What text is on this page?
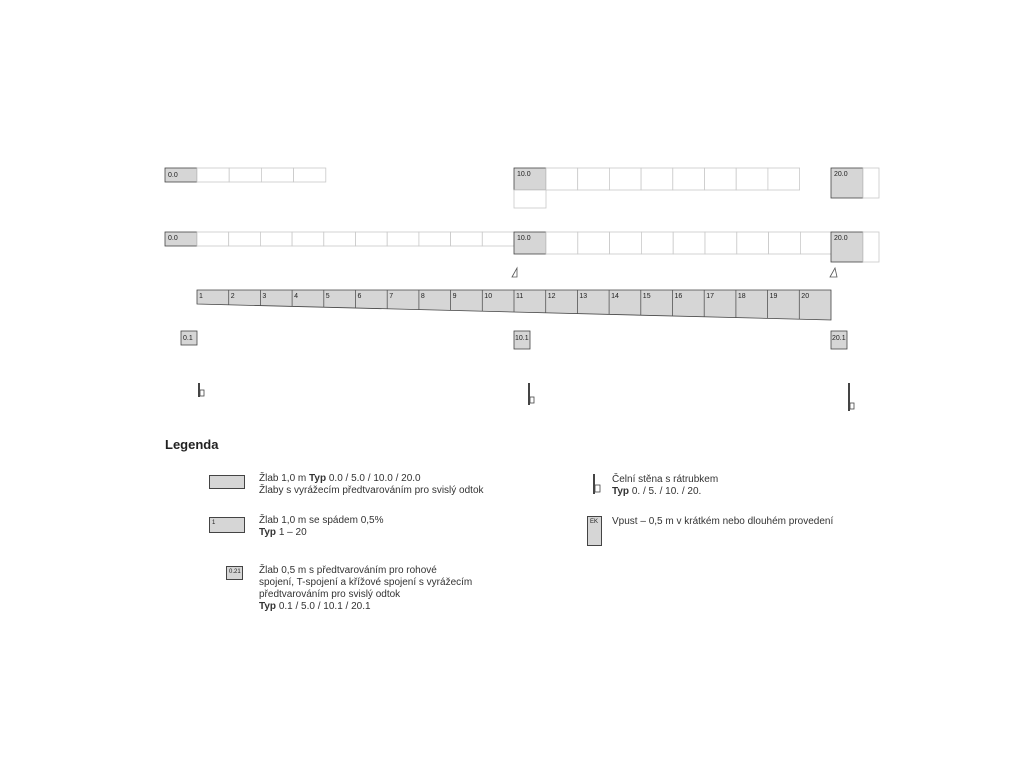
0.0	10.0	20.0
0.0	10.0	20.0
1	2	3	4	5	6	7	8	9	10	11	12	13	14	15	16	17	18	19	20
0.1	10.1	20.1
Legenda
Žlab 1,0 m Typ 0.0 / 5.0 / 10.0 / 20.0
Žlaby s vyrážecím předtvarováním pro svislý odtok
1	Žlab 1,0 m se spádem 0,5%
Typ 1 – 20
0.21 Žlab 0,5 m s předtvarováním pro rohové
spojení, T-spojení a křížové spojení s vyrážecím
předtvarováním pro svislý odtok
Typ 0.1 / 5.0 / 10.1 / 20.1
Čelní stěna s rátrubkem
Typ 0. / 5. / 10. / 20.
EK	Vpust – 0,5 m v krátkém nebo dlouhém provedení
